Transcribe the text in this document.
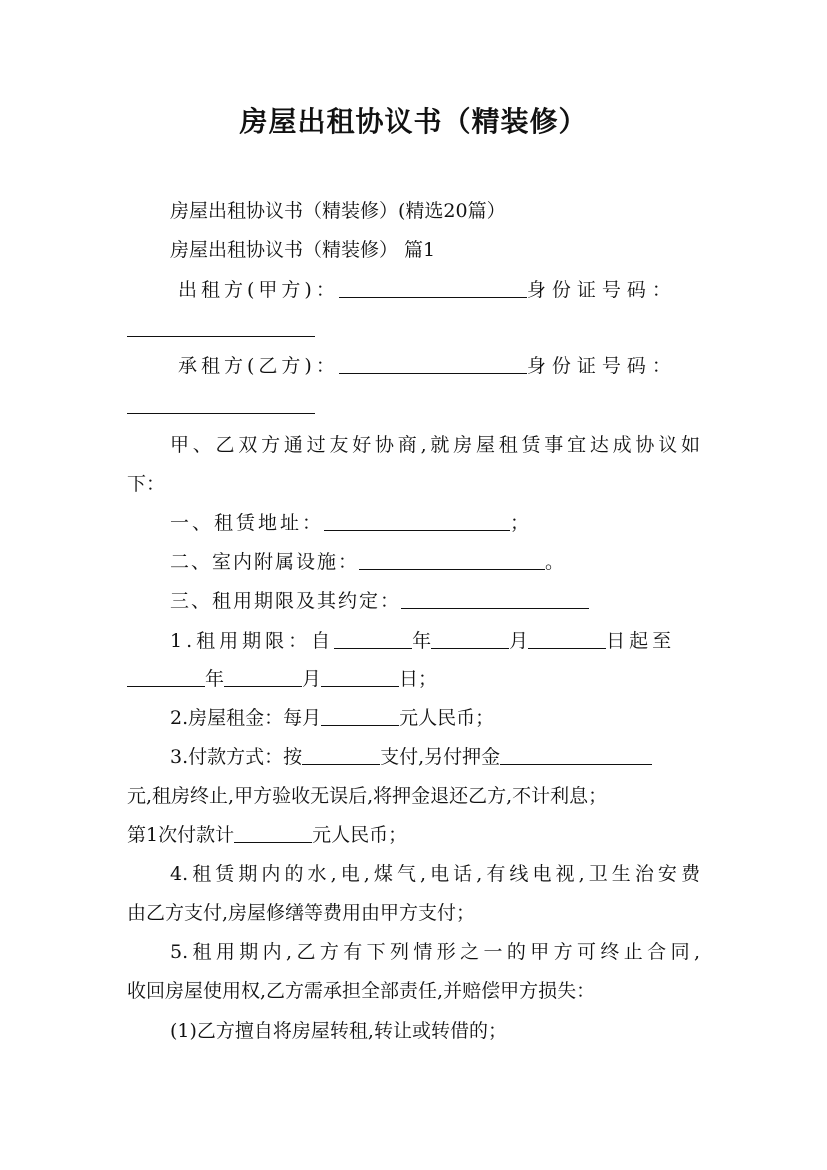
房屋出租协议书（精装修）
房屋出租协议书（精装修）(精选20篇）
房屋出租协议书（精装修） 篇1
出租方(甲方)：	身份证号码：
承租方(乙方)：	身份证号码：
甲、乙双方通过友好协商,就房屋租赁事宜达成协议如
下：
一、租赁地址：	；
二、室内附属设施：	。
三、租用期限及其约定：
1.租用期限：自	年	月	日起至
年	月	日；
2.房屋租金：每月	元人民币；
3.付款方式：按	支付,另付押金
元,租房终止,甲方验收无误后,将押金退还乙方,不计利息；
第1次付款计	元人民币；
4.租赁期内的水,电,煤气,电话,有线电视,卫生治安费
由乙方支付,房屋修缮等费用由甲方支付；
5.租用期内,乙方有下列情形之一的甲方可终止合同,
收回房屋使用权,乙方需承担全部责任,并赔偿甲方损失：
(1)乙方擅自将房屋转租,转让或转借的；
